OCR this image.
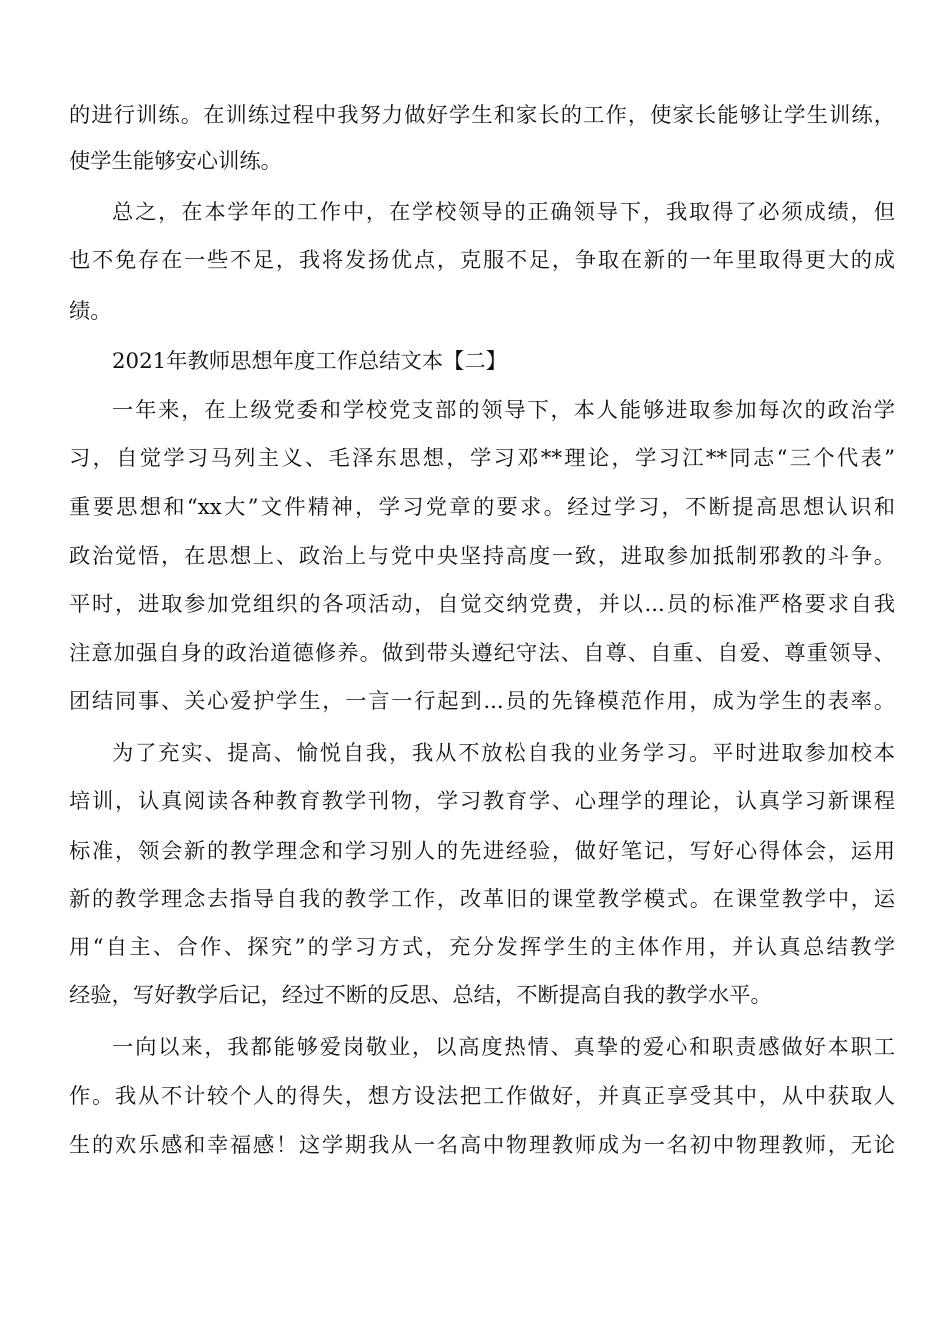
的进行训练。在训练过程中我努力做好学生和家长的工作，使家长能够让学生训练，
使学生能够安心训练。
总之，在本学年的工作中，在学校领导的正确领导下，我取得了必须成绩，但
也不免存在一些不足，我将发扬优点，克服不足，争取在新的一年里取得更大的成
绩。
2021年教师思想年度工作总结文本【二】
一年来，在上级党委和学校党支部的领导下，本人能够进取参加每次的政治学
习，自觉学习马列主义、毛泽东思想，学习邓**理论，学习江**同志“三个代表”
重要思想和“xx大”文件精神，学习党章的要求。经过学习，不断提高思想认识和
政治觉悟，在思想上、政治上与党中央坚持高度一致，进取参加抵制邪教的斗争。
平时，进取参加党组织的各项活动，自觉交纳党费，并以...员的标准严格要求自我
注意加强自身的政治道德修养。做到带头遵纪守法、自尊、自重、自爱、尊重领导、
团结同事、关心爱护学生，一言一行起到...员的先锋模范作用，成为学生的表率。
为了充实、提高、愉悦自我，我从不放松自我的业务学习。平时进取参加校本
培训，认真阅读各种教育教学刊物，学习教育学、心理学的理论，认真学习新课程
标准，领会新的教学理念和学习别人的先进经验，做好笔记，写好心得体会，运用
新的教学理念去指导自我的教学工作，改革旧的课堂教学模式。在课堂教学中，运
用“自主、合作、探究”的学习方式，充分发挥学生的主体作用，并认真总结教学
经验，写好教学后记，经过不断的反思、总结，不断提高自我的教学水平。
一向以来，我都能够爱岗敬业，以高度热情、真挚的爱心和职责感做好本职工
作。我从不计较个人的得失，想方设法把工作做好，并真正享受其中，从中获取人
生的欢乐感和幸福感！这学期我从一名高中物理教师成为一名初中物理教师，无论
